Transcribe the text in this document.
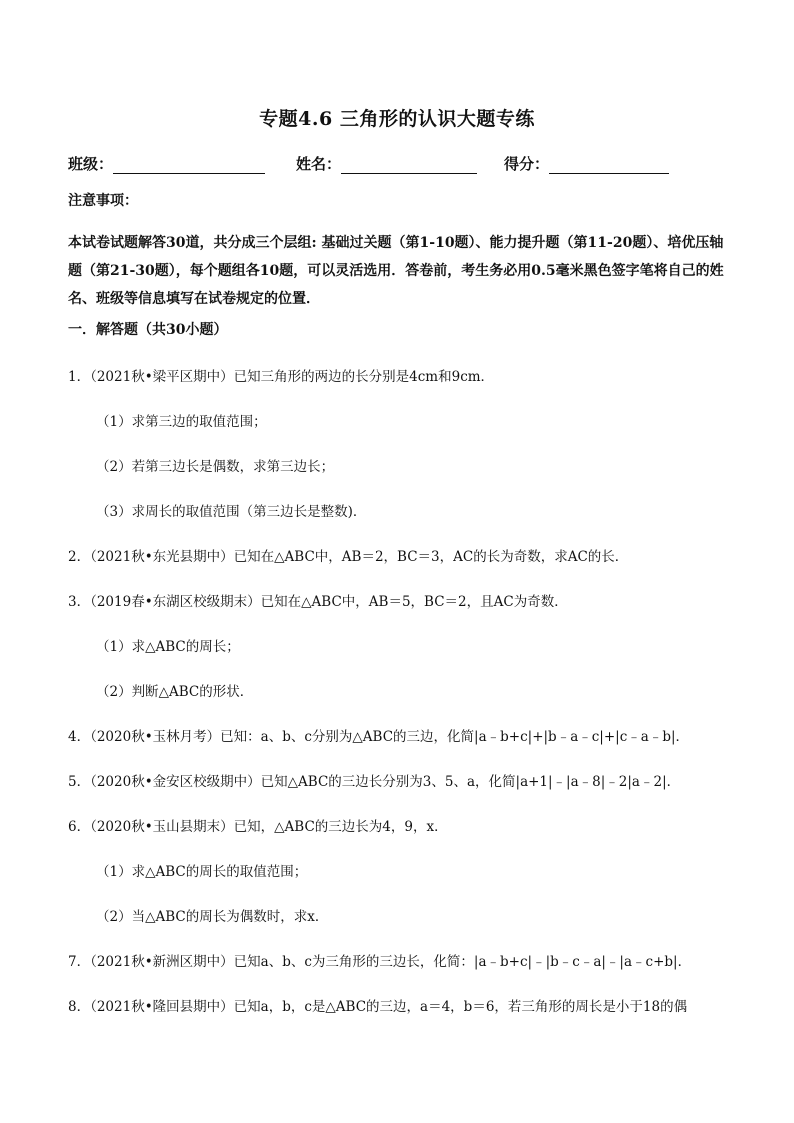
专题4.6 三角形的认识大题专练
班级：	姓名：	得分：
注意事项：
本试卷试题解答30道，共分成三个层组: 基础过关题（第1-10题）、能力提升题（第11-20题）、培优压轴
题（第21-30题），每个题组各10题，可以灵活选用．答卷前，考生务必用0.5毫米黑色签字笔将自己的姓
名、班级等信息填写在试卷规定的位置．
一．解答题（共30小题）
1．（2021秋•梁平区期中）已知三角形的两边的长分别是4cm和9cm．
（1）求第三边的取值范围；
（2）若第三边长是偶数，求第三边长；
（3）求周长的取值范围（第三边长是整数)．
2．（2021秋•东光县期中）已知在△ABC中，AB＝2，BC＝3，AC的长为奇数，求AC的长．
3．（2019春•东湖区校级期末）已知在△ABC中，AB＝5，BC＝2，且AC为奇数．
（1）求△ABC的周长；
（2）判断△ABC的形状．
4．（2020秋•玉林月考）已知：a、b、c分别为△ABC的三边，化简|a﹣b+c|+|b﹣a﹣c|+|c﹣a﹣b|．
5．（2020秋•金安区校级期中）已知△ABC的三边长分别为3、5、a，化简|a+1|﹣|a﹣8|﹣2|a﹣2|．
6．（2020秋•玉山县期末）已知，△ABC的三边长为4，9，x．
（1）求△ABC的周长的取值范围；
（2）当△ABC的周长为偶数时，求x．
7．（2021秋•新洲区期中）已知a、b、c为三角形的三边长，化简：|a﹣b+c|﹣|b﹣c﹣a|﹣|a﹣c+b|．
8．（2021秋•隆回县期中）已知a，b，c是△ABC的三边，a＝4，b＝6，若三角形的周长是小于18的偶
